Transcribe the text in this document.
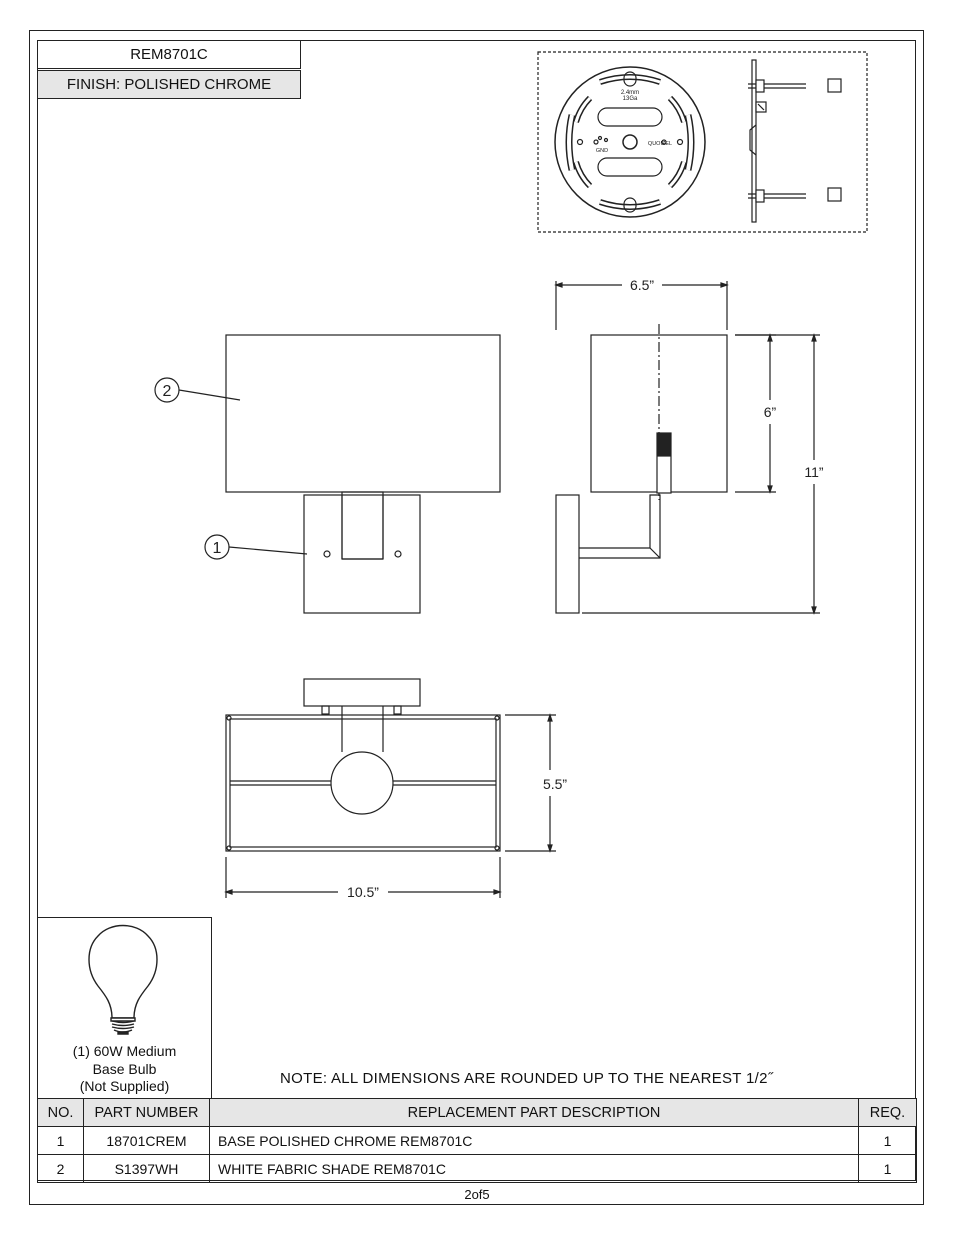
REM8701C
FINISH: POLISHED CHROME	2.4mm
13Ga
GND
QUOIZEL
2
1
6.5”
6”
11”
5.5”
10.5”
(1) 60W Medium
Base Bulb
(Not Supplied)	NOTE: ALL DIMENSIONS ARE ROUNDED UP TO THE NEAREST 1/2˝
NO.	PART NUMBER	REPLACEMENT PART DESCRIPTION	REQ.
1	18701CREM	BASE POLISHED CHROME REM8701C	1
2	S1397WH	WHITE FABRIC SHADE REM8701C	1
2of5
